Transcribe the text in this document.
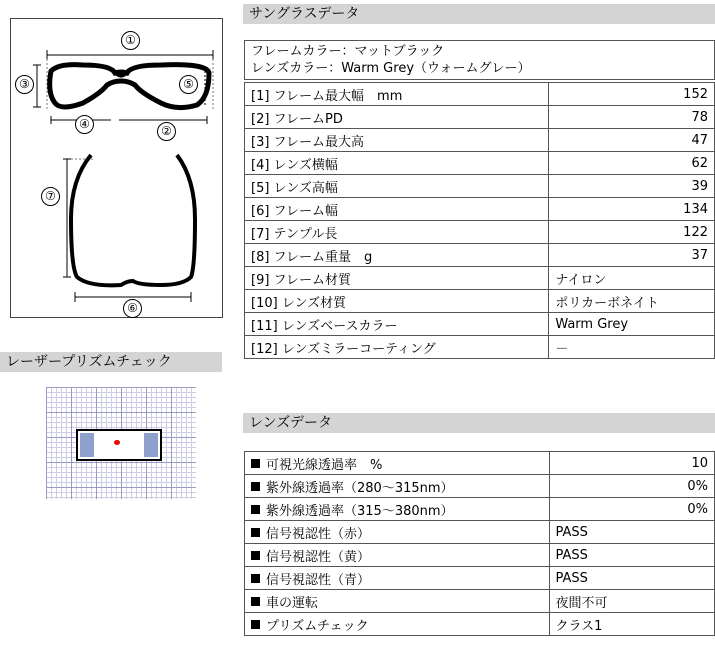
①
③	⑤
④	②
⑦
⑥
レーザープリズムチェック
サングラスデータ
フレームカラー：マットブラック
レンズカラー：Warm Grey（ウォームグレー）
[1] フレーム最大幅　mm	152
[2] フレームPD	78
[3] フレーム最大高	47
[4] レンズ横幅	62
[5] レンズ高幅	39
[6] フレーム幅	134
[7] テンプル長	122
[8] フレーム重量　g	37
[9] フレーム材質	ナイロン
[10] レンズ材質	ポリカーボネイト
[11] レンズベースカラー	Warm Grey
[12] レンズミラーコーティング	－
レンズデータ
可視光線透過率　%	10
紫外線透過率（280～315nm）	0%
紫外線透過率（315～380nm）	0%
信号視認性（赤）	PASS
信号視認性（黄）	PASS
信号視認性（青）	PASS
車の運転	夜間不可
プリズムチェック	クラス1
